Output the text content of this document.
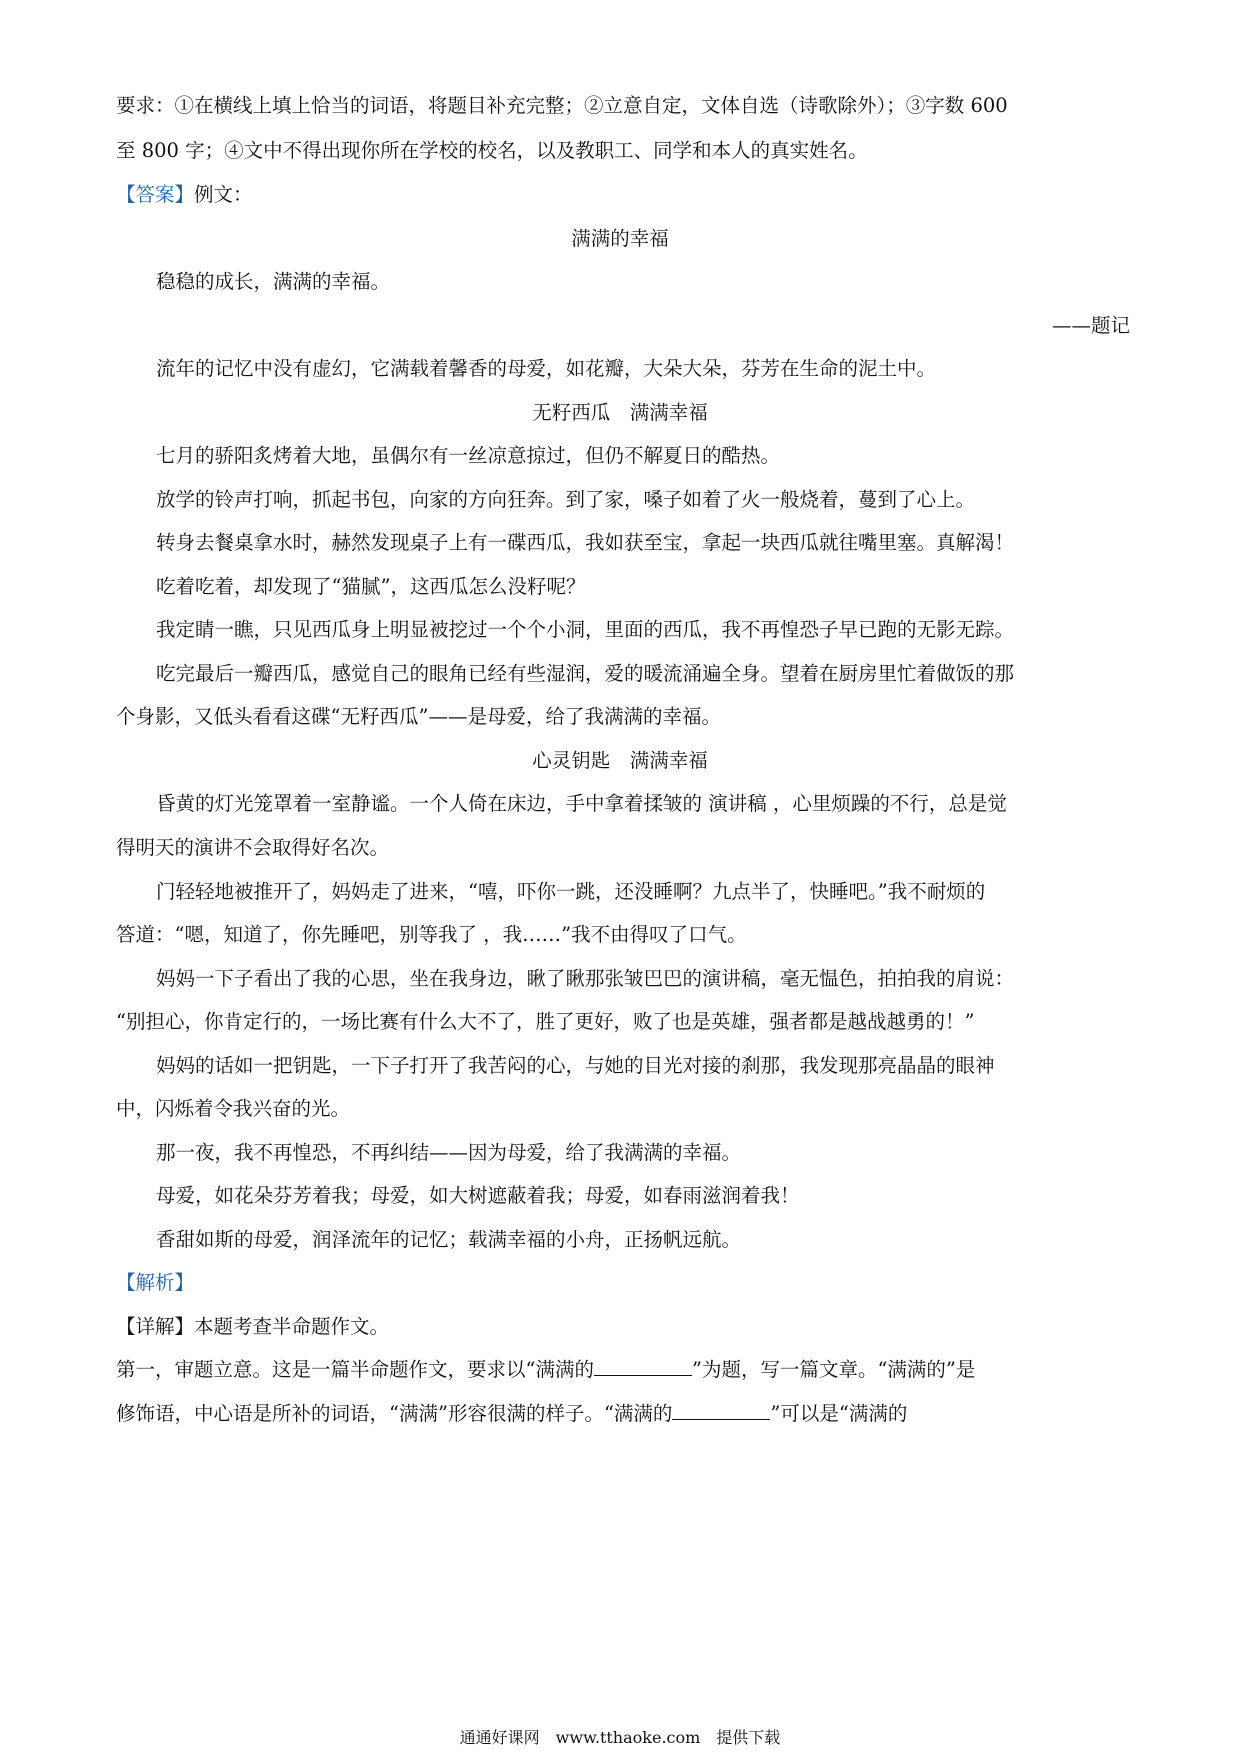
要求：①在横线上填上恰当的词语，将题目补充完整；②立意自定，文体自选（诗歌除外）；③字数 600
至 800 字；④文中不得出现你所在学校的校名，以及教职工、同学和本人的真实姓名。
【答案】例文：
满满的幸福
稳稳的成长，满满的幸福。
——题记
流年的记忆中没有虚幻，它满载着馨香的母爱，如花瓣，大朵大朵，芬芳在生命的泥土中。
无籽西瓜　满满幸福
七月的骄阳炙烤着大地，虽偶尔有一丝凉意掠过，但仍不解夏日的酷热。
放学的铃声打响，抓起书包，向家的方向狂奔。到了家，嗓子如着了火一般烧着，蔓到了心上。
转身去餐桌拿水时，赫然发现桌子上有一碟西瓜，我如获至宝，拿起一块西瓜就往嘴里塞。真解渴！
吃着吃着，却发现了“猫腻”，这西瓜怎么没籽呢？
我定睛一瞧，只见西瓜身上明显被挖过一个个小洞，里面的西瓜，我不再惶恐子早已跑的无影无踪。
吃完最后一瓣西瓜，感觉自己的眼角已经有些湿润，爱的暖流涌遍全身。望着在厨房里忙着做饭的那
个身影，又低头看看这碟“无籽西瓜”——是母爱，给了我满满的幸福。
心灵钥匙　满满幸福
昏黄的灯光笼罩着一室静谧。一个人倚在床边，手中拿着揉皱的 演讲稿 ，心里烦躁的不行，总是觉
得明天的演讲不会取得好名次。
门轻轻地被推开了，妈妈走了进来，“嘻，吓你一跳，还没睡啊？九点半了，快睡吧。”我不耐烦的
答道：“嗯，知道了，你先睡吧，别等我了 ，我……”我不由得叹了口气。
妈妈一下子看出了我的心思，坐在我身边，瞅了瞅那张皱巴巴的演讲稿，毫无愠色，拍拍我的肩说：
“别担心，你肯定行的，一场比赛有什么大不了，胜了更好，败了也是英雄，强者都是越战越勇的！”
妈妈的话如一把钥匙，一下子打开了我苦闷的心，与她的目光对接的刹那，我发现那亮晶晶的眼神
中，闪烁着令我兴奋的光。
那一夜，我不再惶恐，不再纠结——因为母爱，给了我满满的幸福。
母爱，如花朵芬芳着我；母爱，如大树遮蔽着我；母爱，如春雨滋润着我！
香甜如斯的母爱，润泽流年的记忆；载满幸福的小舟，正扬帆远航。
【解析】
【详解】本题考查半命题作文。
第一，审题立意。这是一篇半命题作文，要求以“满满的	”为题，写一篇文章。“满满的”是
修饰语，中心语是所补的词语，“满满”形容很满的样子。“满满的	”可以是“满满的
通通好课网　www.tthaoke.com　提供下载
